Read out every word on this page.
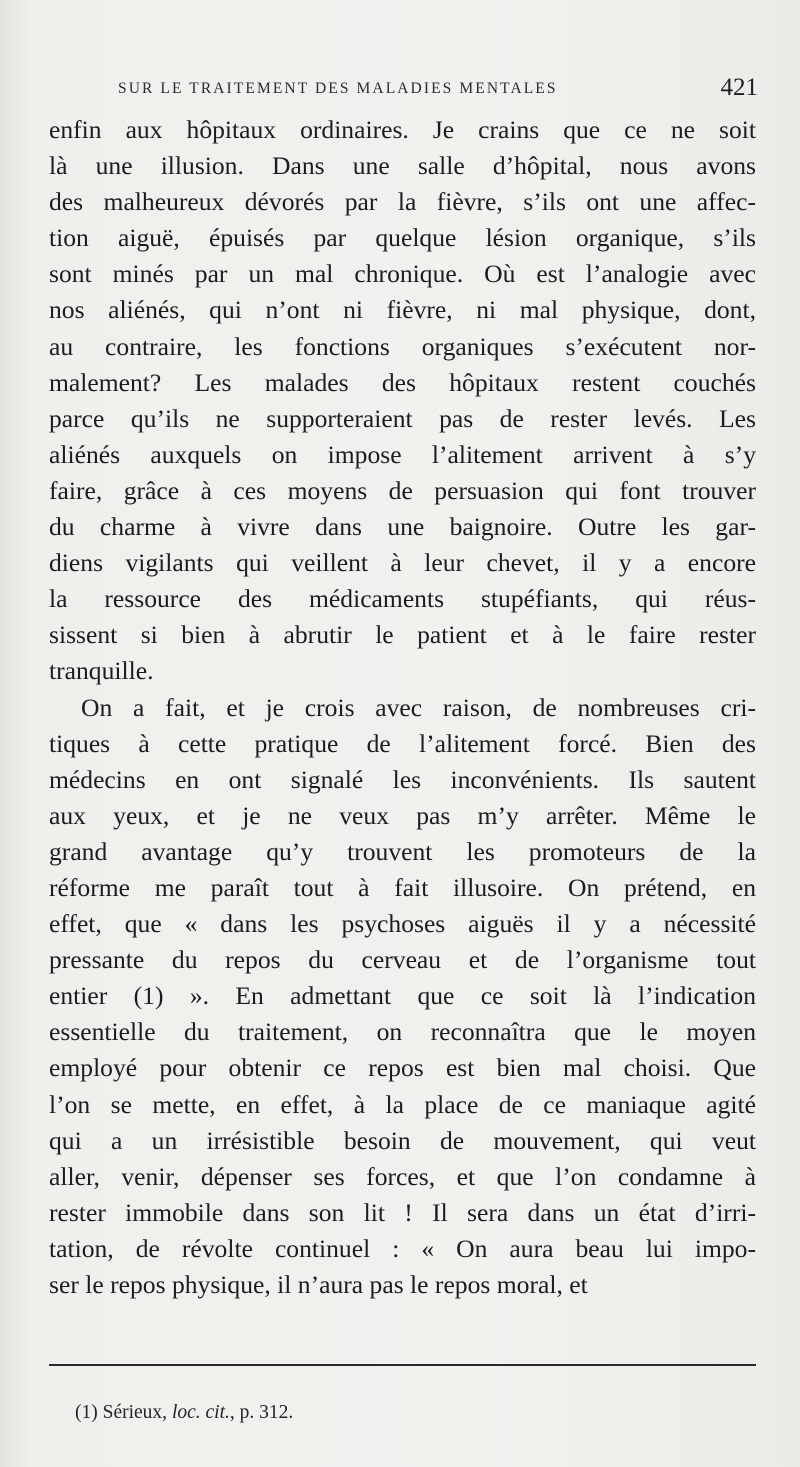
SUR LE TRAITEMENT DES MALADIES MENTALES	421
enfin aux hôpitaux ordinaires. Je crains que ce ne soit
là une illusion. Dans une salle d’hôpital, nous avons
des malheureux dévorés par la fièvre, s’ils ont une affec-
tion aiguë, épuisés par quelque lésion organique, s’ils
sont minés par un mal chronique. Où est l’analogie avec
nos aliénés, qui n’ont ni fièvre, ni mal physique, dont,
au contraire, les fonctions organiques s’exécutent nor-
malement? Les malades des hôpitaux restent couchés
parce qu’ils ne supporteraient pas de rester levés. Les
aliénés auxquels on impose l’alitement arrivent à s’y
faire, grâce à ces moyens de persuasion qui font trouver
du charme à vivre dans une baignoire. Outre les gar-
diens vigilants qui veillent à leur chevet, il y a encore
la ressource des médicaments stupéfiants, qui réus-
sissent si bien à abrutir le patient et à le faire rester
tranquille.
On a fait, et je crois avec raison, de nombreuses cri-
tiques à cette pratique de l’alitement forcé. Bien des
médecins en ont signalé les inconvénients. Ils sautent
aux yeux, et je ne veux pas m’y arrêter. Même le
grand avantage qu’y trouvent les promoteurs de la
réforme me paraît tout à fait illusoire. On prétend, en
effet, que « dans les psychoses aiguës il y a nécessité
pressante du repos du cerveau et de l’organisme tout
entier (1) ». En admettant que ce soit là l’indication
essentielle du traitement, on reconnaîtra que le moyen
employé pour obtenir ce repos est bien mal choisi. Que
l’on se mette, en effet, à la place de ce maniaque agité
qui a un irrésistible besoin de mouvement, qui veut
aller, venir, dépenser ses forces, et que l’on condamne à
rester immobile dans son lit ! Il sera dans un état d’irri-
tation, de révolte continuel : « On aura beau lui impo-
ser le repos physique, il n’aura pas le repos moral, et
(1) Sérieux, loc. cit., p. 312.
